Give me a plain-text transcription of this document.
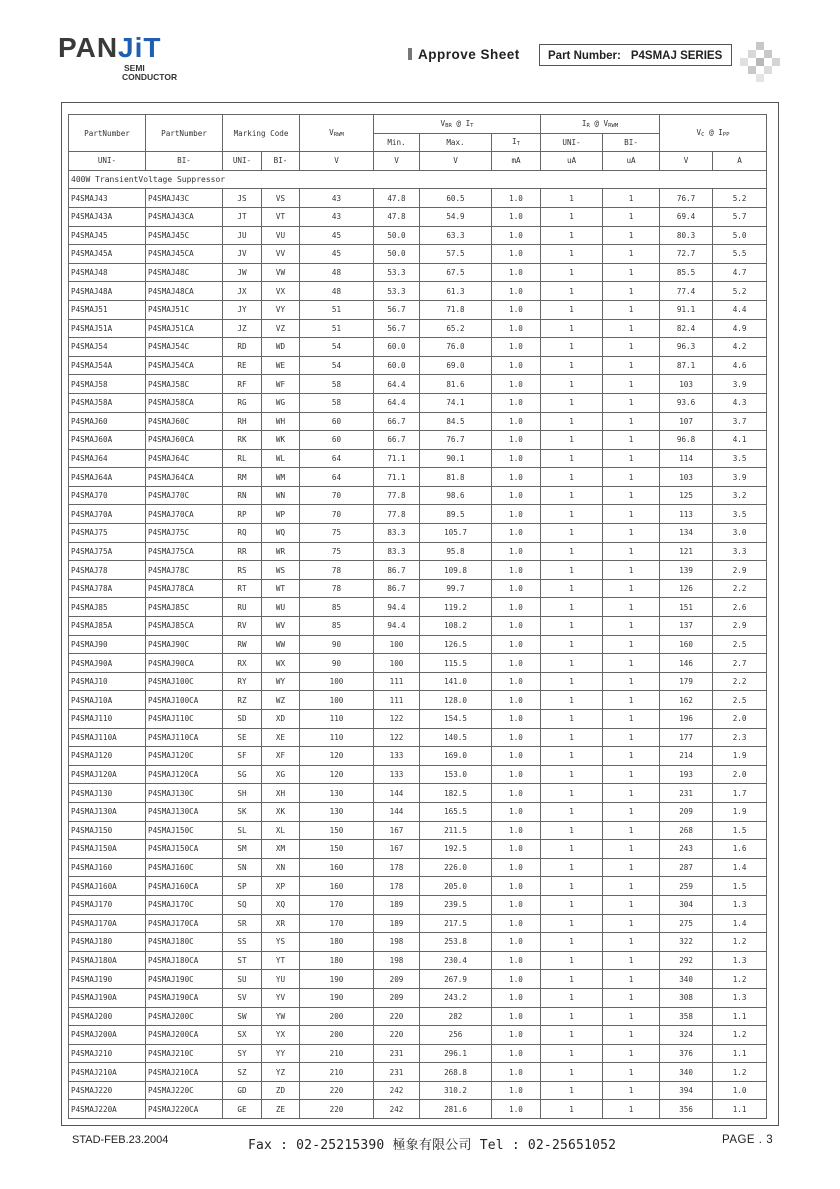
PANJiT
SEMI
CONDUCTOR
Approve Sheet	Part Number: P4SMAJ SERIES
PartNumber	PartNumber	Marking Code		VRWM	VBR @ IT			IR @ VRWM		VC @ IPP	
					Min.	Max.	IT	UNI-	BI-		
UNI-	BI-	UNI-	BI-	V	V	V	mA	uA	uA	V	A
400W TransientVoltage Suppressor											
P4SMAJ43	P4SMAJ43C	JS	VS	43	47.8	60.5	1.0	1	1	76.7	5.2
P4SMAJ43A	P4SMAJ43CA	JT	VT	43	47.8	54.9	1.0	1	1	69.4	5.7
P4SMAJ45	P4SMAJ45C	JU	VU	45	50.0	63.3	1.0	1	1	80.3	5.0
P4SMAJ45A	P4SMAJ45CA	JV	VV	45	50.0	57.5	1.0	1	1	72.7	5.5
P4SMAJ48	P4SMAJ48C	JW	VW	48	53.3	67.5	1.0	1	1	85.5	4.7
P4SMAJ48A	P4SMAJ48CA	JX	VX	48	53.3	61.3	1.0	1	1	77.4	5.2
P4SMAJ51	P4SMAJ51C	JY	VY	51	56.7	71.8	1.0	1	1	91.1	4.4
P4SMAJ51A	P4SMAJ51CA	JZ	VZ	51	56.7	65.2	1.0	1	1	82.4	4.9
P4SMAJ54	P4SMAJ54C	RD	WD	54	60.0	76.0	1.0	1	1	96.3	4.2
P4SMAJ54A	P4SMAJ54CA	RE	WE	54	60.0	69.0	1.0	1	1	87.1	4.6
P4SMAJ58	P4SMAJ58C	RF	WF	58	64.4	81.6	1.0	1	1	103	3.9
P4SMAJ58A	P4SMAJ58CA	RG	WG	58	64.4	74.1	1.0	1	1	93.6	4.3
P4SMAJ60	P4SMAJ60C	RH	WH	60	66.7	84.5	1.0	1	1	107	3.7
P4SMAJ60A	P4SMAJ60CA	RK	WK	60	66.7	76.7	1.0	1	1	96.8	4.1
P4SMAJ64	P4SMAJ64C	RL	WL	64	71.1	90.1	1.0	1	1	114	3.5
P4SMAJ64A	P4SMAJ64CA	RM	WM	64	71.1	81.8	1.0	1	1	103	3.9
P4SMAJ70	P4SMAJ70C	RN	WN	70	77.8	98.6	1.0	1	1	125	3.2
P4SMAJ70A	P4SMAJ70CA	RP	WP	70	77.8	89.5	1.0	1	1	113	3.5
P4SMAJ75	P4SMAJ75C	RQ	WQ	75	83.3	105.7	1.0	1	1	134	3.0
P4SMAJ75A	P4SMAJ75CA	RR	WR	75	83.3	95.8	1.0	1	1	121	3.3
P4SMAJ78	P4SMAJ78C	RS	WS	78	86.7	109.8	1.0	1	1	139	2.9
P4SMAJ78A	P4SMAJ78CA	RT	WT	78	86.7	99.7	1.0	1	1	126	2.2
P4SMAJ85	P4SMAJ85C	RU	WU	85	94.4	119.2	1.0	1	1	151	2.6
P4SMAJ85A	P4SMAJ85CA	RV	WV	85	94.4	108.2	1.0	1	1	137	2.9
P4SMAJ90	P4SMAJ90C	RW	WW	90	100	126.5	1.0	1	1	160	2.5
P4SMAJ90A	P4SMAJ90CA	RX	WX	90	100	115.5	1.0	1	1	146	2.7
P4SMAJ10	P4SMAJ100C	RY	WY	100	111	141.0	1.0	1	1	179	2.2
P4SMAJ10A	P4SMAJ100CA	RZ	WZ	100	111	128.0	1.0	1	1	162	2.5
P4SMAJ110	P4SMAJ110C	SD	XD	110	122	154.5	1.0	1	1	196	2.0
P4SMAJ110A	P4SMAJ110CA	SE	XE	110	122	140.5	1.0	1	1	177	2.3
P4SMAJ120	P4SMAJ120C	SF	XF	120	133	169.0	1.0	1	1	214	1.9
P4SMAJ120A	P4SMAJ120CA	SG	XG	120	133	153.0	1.0	1	1	193	2.0
P4SMAJ130	P4SMAJ130C	SH	XH	130	144	182.5	1.0	1	1	231	1.7
P4SMAJ130A	P4SMAJ130CA	SK	XK	130	144	165.5	1.0	1	1	209	1.9
P4SMAJ150	P4SMAJ150C	SL	XL	150	167	211.5	1.0	1	1	268	1.5
P4SMAJ150A	P4SMAJ150CA	SM	XM	150	167	192.5	1.0	1	1	243	1.6
P4SMAJ160	P4SMAJ160C	SN	XN	160	178	226.0	1.0	1	1	287	1.4
P4SMAJ160A	P4SMAJ160CA	SP	XP	160	178	205.0	1.0	1	1	259	1.5
P4SMAJ170	P4SMAJ170C	SQ	XQ	170	189	239.5	1.0	1	1	304	1.3
P4SMAJ170A	P4SMAJ170CA	SR	XR	170	189	217.5	1.0	1	1	275	1.4
P4SMAJ180	P4SMAJ180C	SS	YS	180	198	253.8	1.0	1	1	322	1.2
P4SMAJ180A	P4SMAJ180CA	ST	YT	180	198	230.4	1.0	1	1	292	1.3
P4SMAJ190	P4SMAJ190C	SU	YU	190	209	267.9	1.0	1	1	340	1.2
P4SMAJ190A	P4SMAJ190CA	SV	YV	190	209	243.2	1.0	1	1	308	1.3
P4SMAJ200	P4SMAJ200C	SW	YW	200	220	282	1.0	1	1	358	1.1
P4SMAJ200A	P4SMAJ200CA	SX	YX	200	220	256	1.0	1	1	324	1.2
P4SMAJ210	P4SMAJ210C	SY	YY	210	231	296.1	1.0	1	1	376	1.1
P4SMAJ210A	P4SMAJ210CA	SZ	YZ	210	231	268.8	1.0	1	1	340	1.2
P4SMAJ220	P4SMAJ220C	GD	ZD	220	242	310.2	1.0	1	1	394	1.0
P4SMAJ220A	P4SMAJ220CA	GE	ZE	220	242	281.6	1.0	1	1	356	1.1
STAD-FEB.23.2004	Fax : 02-25215390 極象有限公司 Tel : 02-25651052	PAGE . 3
